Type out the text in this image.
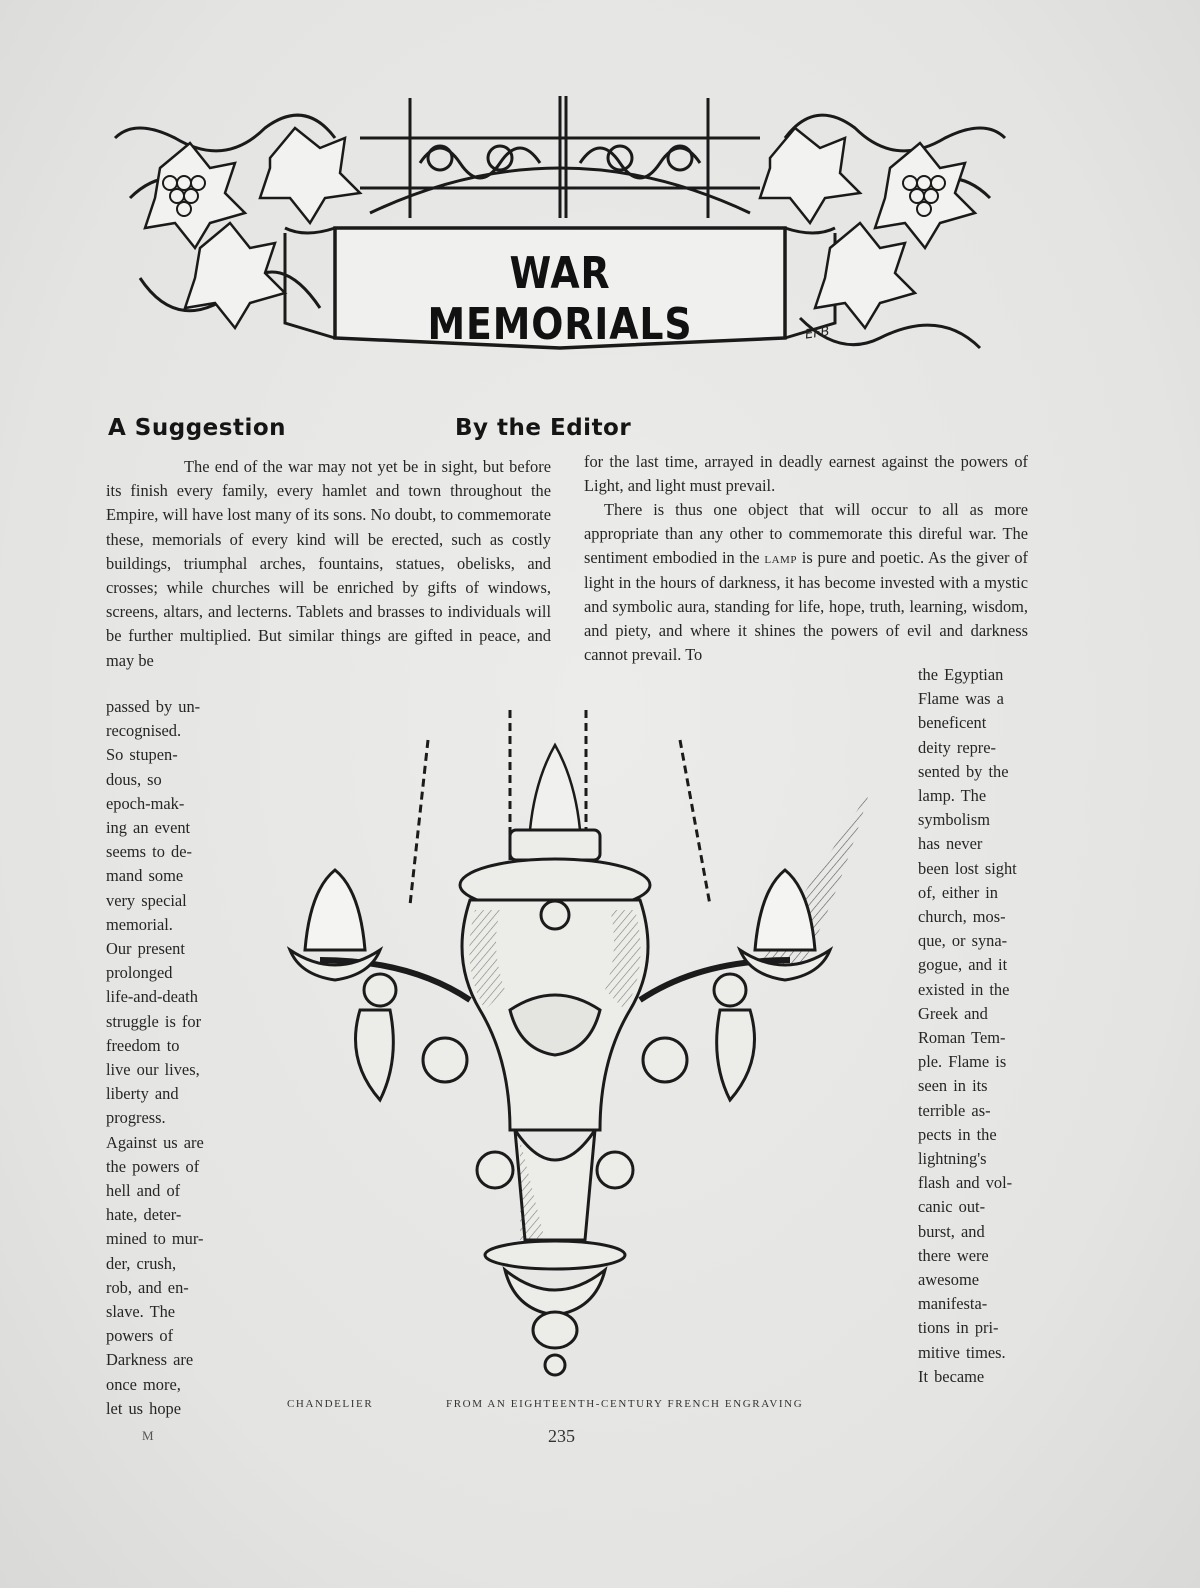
WAR MEMORIALS	EFB
A Suggestion	By the Editor
The end of the war may not yet be in sight, but before its finish every family, every hamlet and town throughout the Empire, will have lost many of its sons. No doubt, to commemorate these, memorials of every kind will be erected, such as costly buildings, triumphal arches, fountains, statues, obelisks, and crosses; while churches will be enriched by gifts of windows, screens, altars, and lecterns. Tablets and brasses to individuals will be further multiplied. But similar things are gifted in peace, and may be
for the last time, arrayed in deadly earnest against the powers of Light, and light must prevail.
There is thus one object that will occur to all as more appropriate than any other to commemorate this direful war. The sentiment embodied in the lamp is pure and poetic. As the giver of light in the hours of darkness, it has become invested with a mystic and symbolic aura, standing for life, hope, truth, learning, wisdom, and piety, and where it shines the powers of evil and darkness cannot prevail. To
passed by un-
recognised.
So stupen-
dous, so
epoch-mak-
ing an event
seems to de-
mand some
very special
memorial.
Our present
prolonged
life-and-death
struggle is for
freedom to
live our lives,
liberty and
progress.
Against us are
the powers of
hell and of
hate, deter-
mined to mur-
der, crush,
rob, and en-
slave. The
powers of
Darkness are
once more,
let us hope
the Egyptian
Flame was a
beneficent
deity repre-
sented by the
lamp. The
symbolism
has never
been lost sight
of, either in
church, mos-
que, or syna-
gogue, and it
existed in the
Greek and
Roman Tem-
ple. Flame is
seen in its
terrible as-
pects in the
lightning's
flash and vol-
canic out-
burst, and
there were
awesome
manifesta-
tions in pri-
mitive times.
It became
CHANDELIER	FROM AN EIGHTEENTH-CENTURY FRENCH ENGRAVING
M	235
